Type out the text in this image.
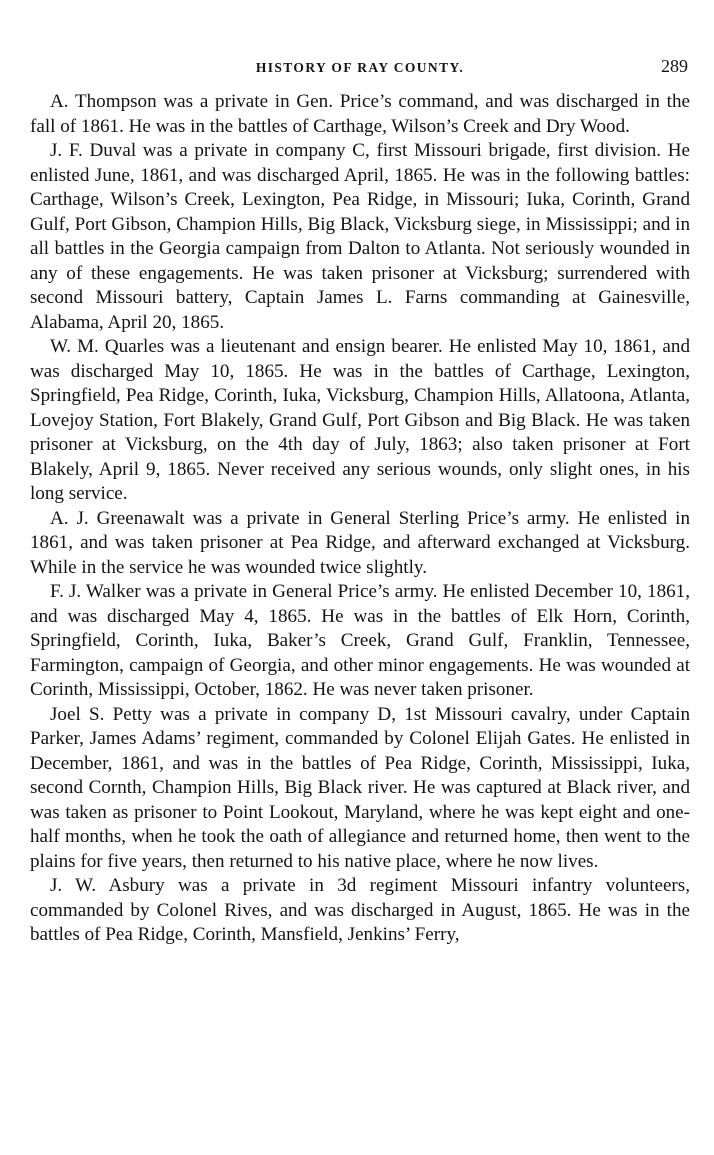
HISTORY OF RAY COUNTY.	289

A. Thompson was a private in Gen. Price’s command, and was discharged in the fall of 1861. He was in the battles of Carthage, Wilson’s Creek and Dry Wood.

J. F. Duval was a private in company C, first Missouri brigade, first division. He enlisted June, 1861, and was discharged April, 1865. He was in the following battles: Carthage, Wilson’s Creek, Lexington, Pea Ridge, in Missouri; Iuka, Corinth, Grand Gulf, Port Gibson, Champion Hills, Big Black, Vicksburg siege, in Mississippi; and in all battles in the Georgia campaign from Dalton to Atlanta. Not seriously wounded in any of these engagements. He was taken prisoner at Vicksburg; surrendered with second Missouri battery, Captain James L. Farns commanding at Gainesville, Alabama, April 20, 1865.

W. M. Quarles was a lieutenant and ensign bearer. He enlisted May 10, 1861, and was discharged May 10, 1865. He was in the battles of Carthage, Lexington, Springfield, Pea Ridge, Corinth, Iuka, Vicksburg, Champion Hills, Allatoona, Atlanta, Lovejoy Station, Fort Blakely, Grand Gulf, Port Gibson and Big Black. He was taken prisoner at Vicksburg, on the 4th day of July, 1863; also taken prisoner at Fort Blakely, April 9, 1865. Never received any serious wounds, only slight ones, in his long service.

A. J. Greenawalt was a private in General Sterling Price’s army. He enlisted in 1861, and was taken prisoner at Pea Ridge, and afterward exchanged at Vicksburg. While in the service he was wounded twice slightly.

F. J. Walker was a private in General Price’s army. He enlisted December 10, 1861, and was discharged May 4, 1865. He was in the battles of Elk Horn, Corinth, Springfield, Corinth, Iuka, Baker’s Creek, Grand Gulf, Franklin, Tennessee, Farmington, campaign of Georgia, and other minor engagements. He was wounded at Corinth, Mississippi, October, 1862. He was never taken prisoner.

Joel S. Petty was a private in company D, 1st Missouri cavalry, under Captain Parker, James Adams’ regiment, commanded by Colonel Elijah Gates. He enlisted in December, 1861, and was in the battles of Pea Ridge, Corinth, Mississippi, Iuka, second Cornth, Champion Hills, Big Black river. He was captured at Black river, and was taken as prisoner to Point Lookout, Maryland, where he was kept eight and one-half months, when he took the oath of allegiance and returned home, then went to the plains for five years, then returned to his native place, where he now lives.

J. W. Asbury was a private in 3d regiment Missouri infantry volunteers, commanded by Colonel Rives, and was discharged in August, 1865. He was in the battles of Pea Ridge, Corinth, Mansfield, Jenkins’ Ferry,
